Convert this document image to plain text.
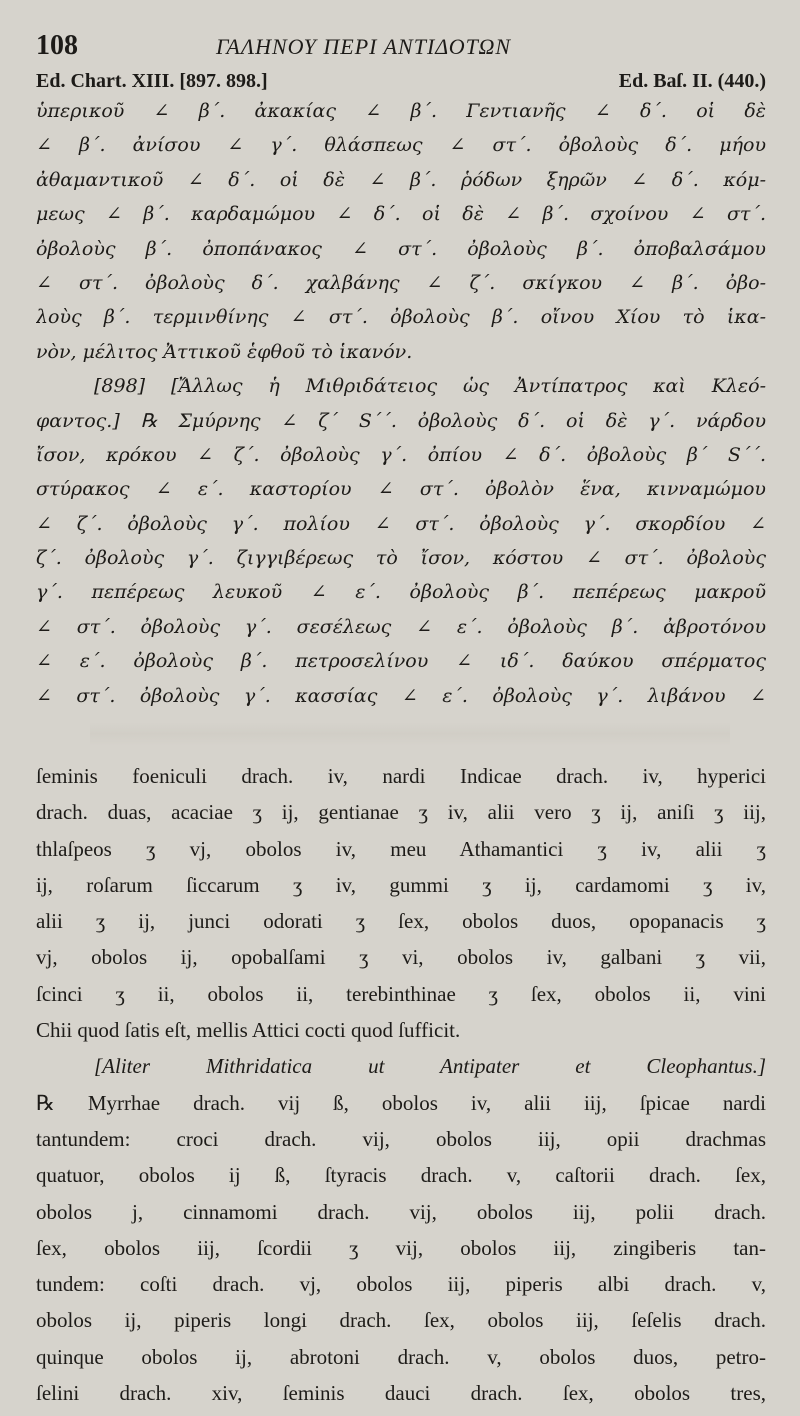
108	ΓΑΛΗΝΟΥ ΠΕΡΙ ΑΝΤΙΔΟΤΩΝ
Ed. Chart. XIII. [897. 898.]	Ed. Baſ. II. (440.)
ὑπερικοῦ ∠ β΄. ἀκακίας ∠ β΄. Γεντιανῆς ∠ δ΄. οἱ δὲ
∠ β΄. ἀνίσου ∠ γ΄. θλάσπεως ∠ στ΄. ὀβολοὺς δ΄. μήου
ἀθαμαντικοῦ ∠ δ΄. οἱ δὲ ∠ β΄. ῥόδων ξηρῶν ∠ δ΄. κόμ-
μεως ∠ β΄. καρδαμώμου ∠ δ΄. οἱ δὲ ∠ β΄. σχοίνου ∠ στ΄.
ὀβολοὺς β΄. ὀποπάνακος ∠ στ΄. ὀβολοὺς β΄. ὀποβαλσάμου
∠ στ΄. ὀβολοὺς δ΄. χαλβάνης ∠ ζ΄. σκίγκου ∠ β΄. ὀβο-
λοὺς β΄. τερμινθίνης ∠ στ΄. ὀβολοὺς β΄. οἴνου Χίου τὸ ἱκα-
νὸν, μέλιτος Ἀττικοῦ ἑφθοῦ τὸ ἱκανόν.
[898] [Ἄλλως ἡ Μιθριδάτειος ὡς Ἀντίπατρος καὶ Κλεό-
φαντος.] ℞ Σμύρνης ∠ ζ΄ S΄΄. ὀβολοὺς δ΄. οἱ δὲ γ΄. νάρδου
ἴσον, κρόκου ∠ ζ΄. ὀβολοὺς γ΄. ὀπίου ∠ δ΄. ὀβολοὺς β΄ S΄΄.
στύρακος ∠ ε΄. καστορίου ∠ στ΄. ὀβολὸν ἕνα, κινναμώμου
∠ ζ΄. ὀβολοὺς γ΄. πολίου ∠ στ΄. ὀβολοὺς γ΄. σκορδίου ∠
ζ΄. ὀβολοὺς γ΄. ζιγγιβέρεως τὸ ἴσον, κόστου ∠ στ΄. ὀβολοὺς
γ΄. πεπέρεως λευκοῦ ∠ ε΄. ὀβολοὺς β΄. πεπέρεως μακροῦ
∠ στ΄. ὀβολοὺς γ΄. σεσέλεως ∠ ε΄. ὀβολοὺς β΄. ἀβροτόνου
∠ ε΄. ὀβολοὺς β΄. πετροσελίνου ∠ ιδ΄. δαύκου σπέρματος
∠ στ΄. ὀβολοὺς γ΄. κασσίας ∠ ε΄. ὀβολοὺς γ΄. λιβάνου ∠
ſeminis foeniculi drach. iv, nardi Indicae drach. iv, hyperici
drach. duas, acaciae ʒ ij, gentianae ʒ iv, alii vero ʒ ij, aniſi ʒ iij,
thlaſpeos ʒ vj, obolos iv, meu Athamantici ʒ iv, alii ʒ
ij, roſarum ſiccarum ʒ iv, gummi ʒ ij, cardamomi ʒ iv,
alii ʒ ij, junci odorati ʒ ſex, obolos duos, opopanacis ʒ
vj, obolos ij, opobalſami ʒ vi, obolos iv, galbani ʒ vii,
ſcinci ʒ ii, obolos ii, terebinthinae ʒ ſex, obolos ii, vini
Chii quod ſatis eſt, mellis Attici cocti quod ſufficit.
[Aliter Mithridatica ut Antipater et Cleophantus.]
℞ Myrrhae drach. vij ß, obolos iv, alii iij, ſpicae nardi
tantundem: croci drach. vij, obolos iij, opii drachmas
quatuor, obolos ij ß, ſtyracis drach. v, caſtorii drach. ſex,
obolos j, cinnamomi drach. vij, obolos iij, polii drach.
ſex, obolos iij, ſcordii ʒ vij, obolos iij, zingiberis tan-
tundem: coſti drach. vj, obolos iij, piperis albi drach. v,
obolos ij, piperis longi drach. ſex, obolos iij, ſeſelis drach.
quinque obolos ij, abrotoni drach. v, obolos duos, petro-
ſelini drach. xiv, ſeminis dauci drach. ſex, obolos tres,
